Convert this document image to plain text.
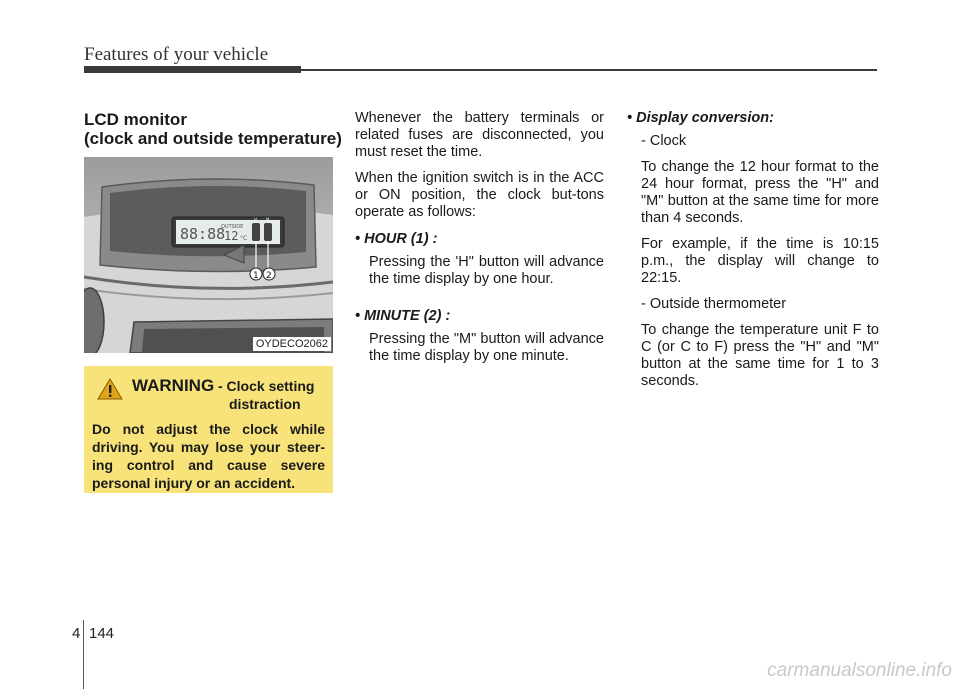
Features of your vehicle
LCD monitor
(clock and outside temperature)
88:88
OUTSIDE
12 °C
H M
1 2
OYDECO2062
WARNING - Clock setting
distraction
Do not adjust the clock while driving. You may lose your steer-ing control and cause severe personal injury or an accident.

Whenever the battery terminals or related fuses are disconnected, you must reset the time.

When the ignition switch is in the ACC or ON position, the clock but-tons operate as follows:

• HOUR (1) :

Pressing the 'H" button will advance the time display by one hour.

• MINUTE (2) :

Pressing the "M" button will advance the time display by one minute.

• Display conversion:

- Clock

To change the 12 hour format to the 24 hour format, press the "H" and "M" button at the same time for more than 4 seconds.

For example, if the time is 10:15 p.m., the display will change to 22:15.

- Outside thermometer

To change the temperature unit F to C (or C to F) press the "H" and "M" button at the same time for 1 to 3 seconds.

4 144
carmanualsonline.info
